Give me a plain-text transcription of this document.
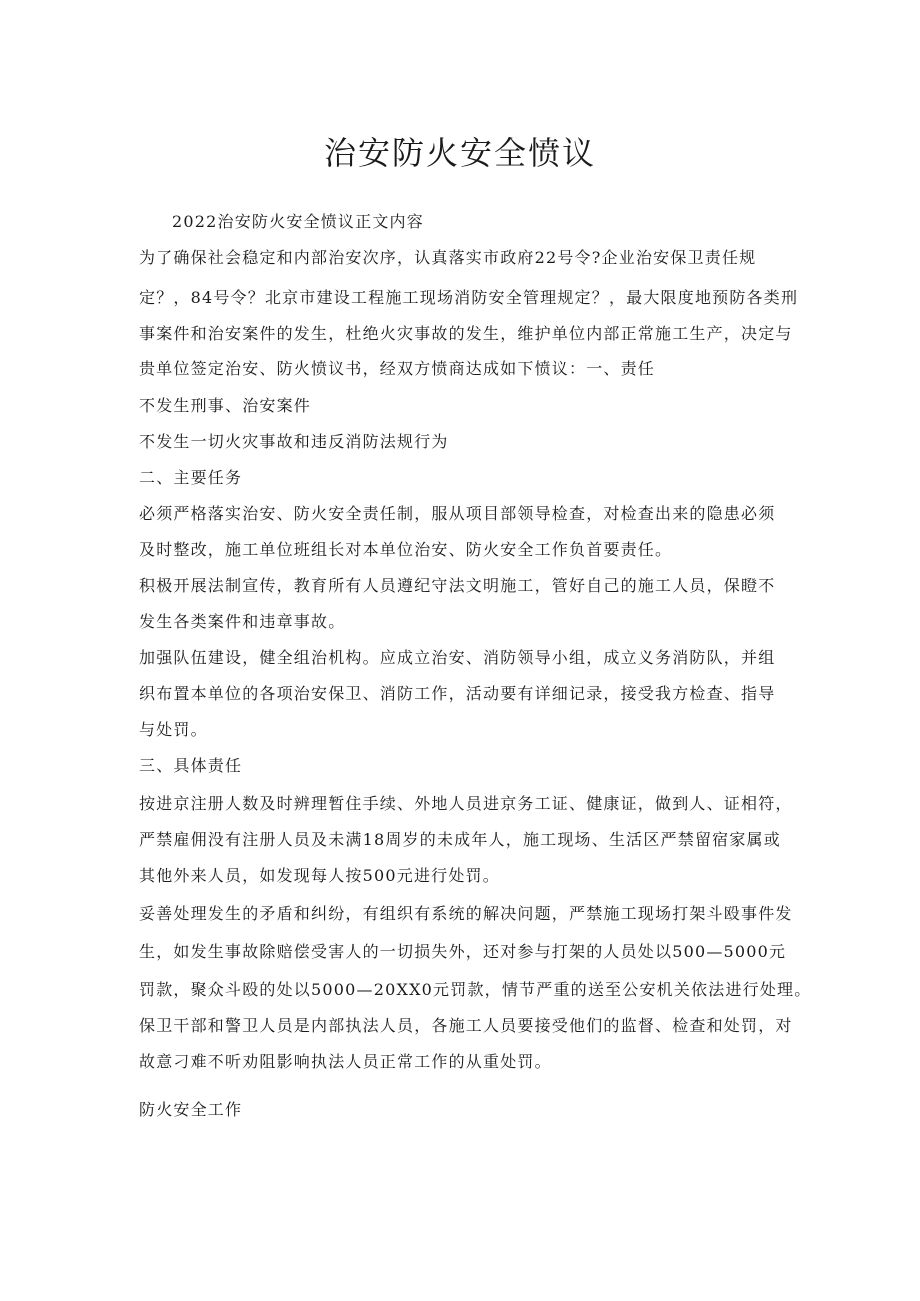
治安防火安全愤议

2022治安防火安全愤议正文内容

为了确保社会稳定和内部治安次序，认真落实市政府22号令?企业治安保卫责任规

定？，84号令？北京市建设工程施工现场消防安全管理规定？，最大限度地预防各类刑

事案件和治安案件的发生，杜绝火灾事故的发生，维护单位内部正常施工生产，决定与

贵单位签定治安、防火愤议书，经双方愤商达成如下愤议：一、责任

不发生刑事、治安案件

不发生一切火灾事故和违反消防法规行为

二、主要任务

必须严格落实治安、防火安全责任制，服从项目部领导检查，对检查出来的隐患必须

及时整改，施工单位班组长对本单位治安、防火安全工作负首要责任。

积极开展法制宣传，教育所有人员遵纪守法文明施工，管好自己的施工人员，保瞪不

发生各类案件和违章事故。

加强队伍建设，健全组治机构。应成立治安、消防领导小组，成立义务消防队，并组

织布置本单位的各项治安保卫、消防工作，活动要有详细记录，接受我方检查、指导

与处罚。

三、具体责任

按进京注册人数及时辨理暂住手续、外地人员进京务工证、健康证，做到人、证相符，

严禁雇佣没有注册人员及未满18周岁的未成年人，施工现场、生活区严禁留宿家属或

其他外来人员，如发现每人按500元进行处罚。

妥善处理发生的矛盾和纠纷，有组织有系统的解决问题，严禁施工现场打架斗殴事件发

生，如发生事故除赔偿受害人的一切损失外，还对参与打架的人员处以500—5000元

罚款，聚众斗殴的处以5000—20XX0元罚款，情节严重的送至公安机关依法进行处理。

保卫干部和警卫人员是内部执法人员，各施工人员要接受他们的监督、检查和处罚，对

故意刁难不听劝阻影响执法人员正常工作的从重处罚。

防火安全工作
